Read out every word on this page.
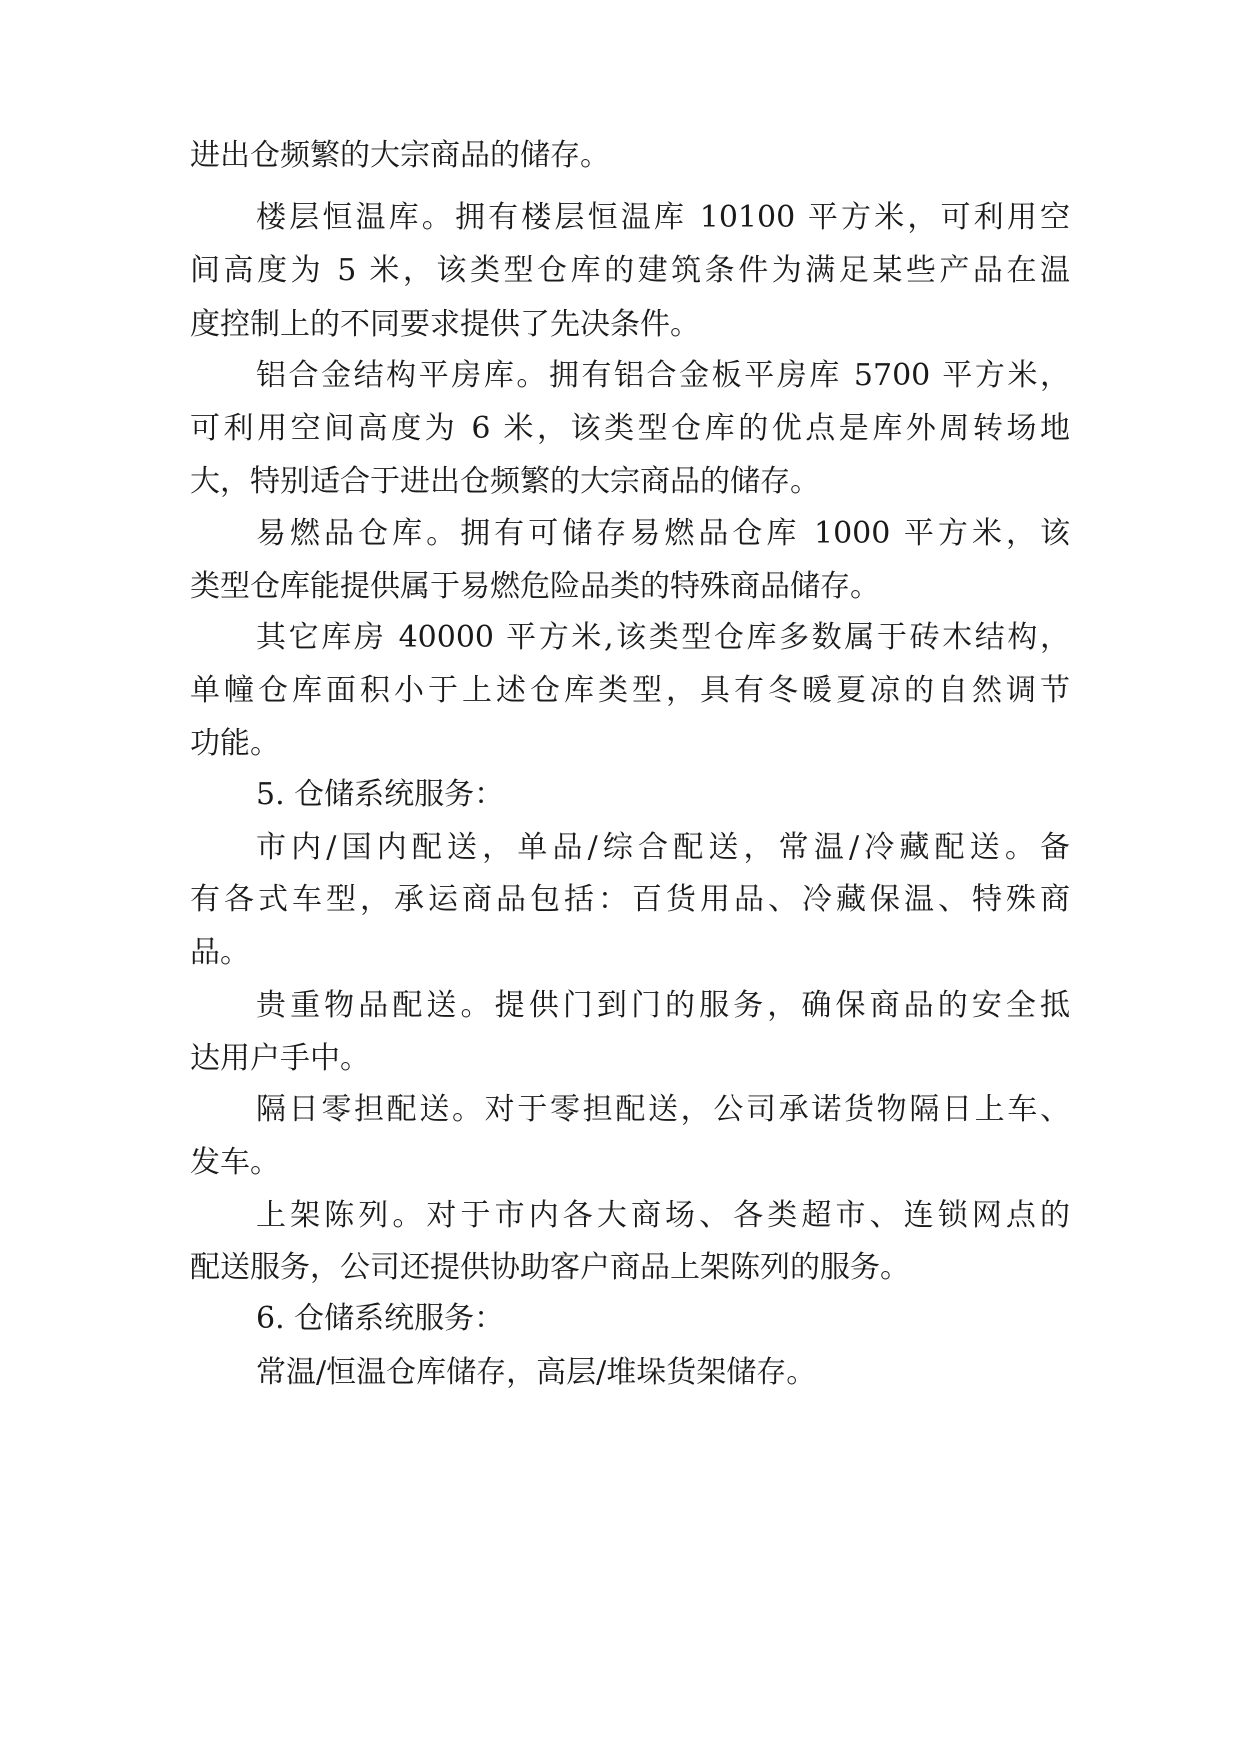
进出仓频繁的大宗商品的储存。

楼层恒温库。拥有楼层恒温库 10100 平方米，可利用空

间高度为 5 米，该类型仓库的建筑条件为满足某些产品在温

度控制上的不同要求提供了先决条件。

铝合金结构平房库。拥有铝合金板平房库 5700 平方米，

可利用空间高度为 6 米，该类型仓库的优点是库外周转场地

大，特别适合于进出仓频繁的大宗商品的储存。

易燃品仓库。拥有可储存易燃品仓库 1000 平方米，该

类型仓库能提供属于易燃危险品类的特殊商品储存。

其它库房 40000 平方米,该类型仓库多数属于砖木结构，

单幢仓库面积小于上述仓库类型，具有冬暖夏凉的自然调节

功能。

5. 仓储系统服务：

市内/国内配送，单品/综合配送，常温/冷藏配送。备

有各式车型，承运商品包括：百货用品、冷藏保温、特殊商

品。

贵重物品配送。提供门到门的服务，确保商品的安全抵

达用户手中。

隔日零担配送。对于零担配送，公司承诺货物隔日上车、

发车。

上架陈列。对于市内各大商场、各类超市、连锁网点的

配送服务，公司还提供协助客户商品上架陈列的服务。

6. 仓储系统服务：

常温/恒温仓库储存，高层/堆垛货架储存。
